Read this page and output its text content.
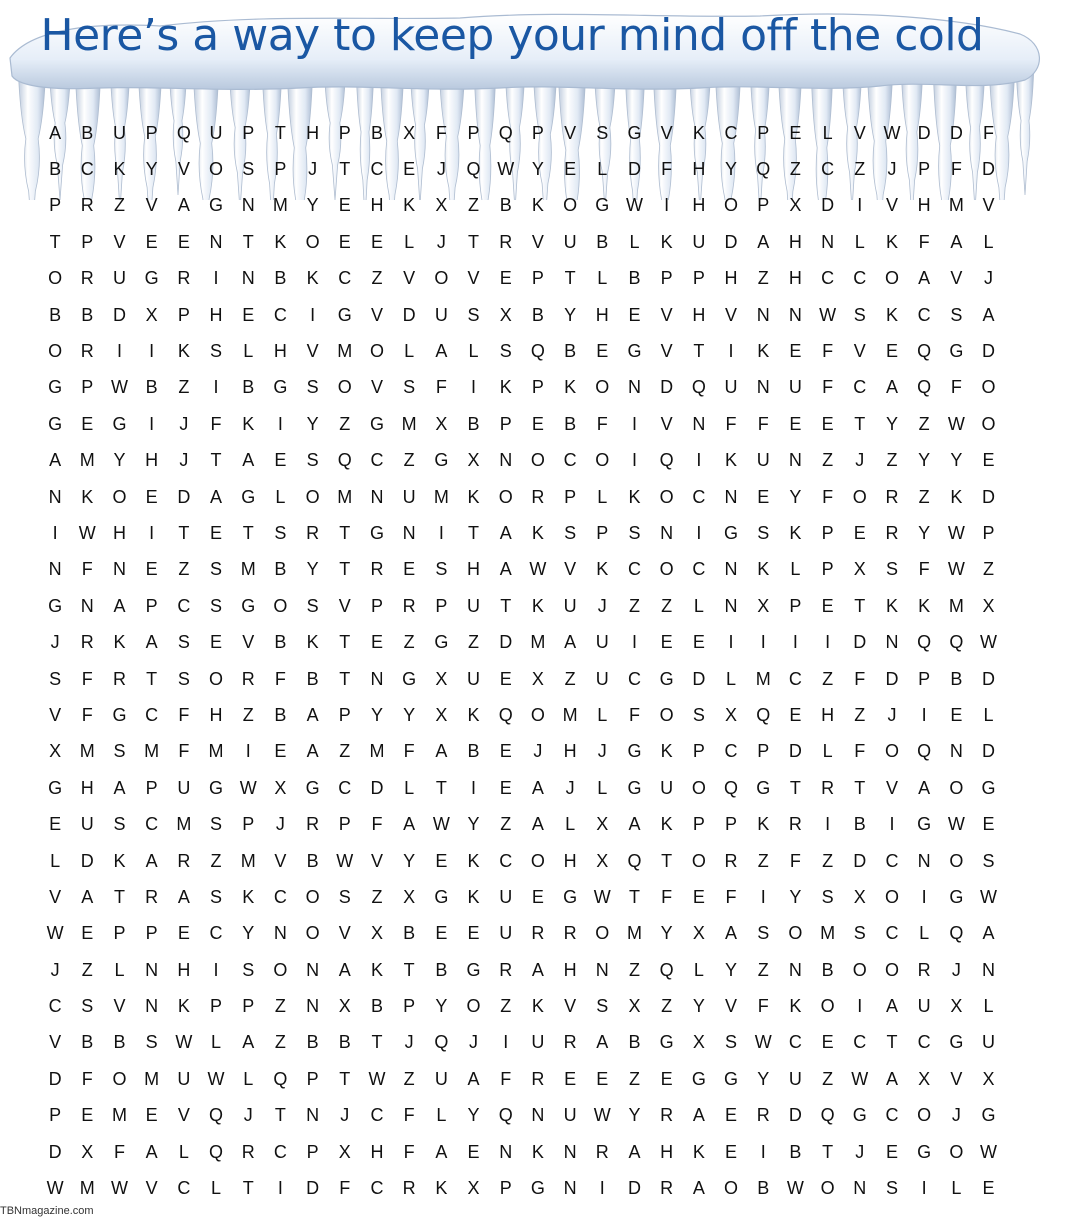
Here’s a way to keep your mind off the cold
A	B	U	P	Q	U	P	T	H	P	B	X	F	P	Q	P	V	S	G	V	K	C	P	E	L	V W D	D	F
B	C	K	Y	V	O	S	P	J	T	C	E	J	Q W Y	E	L	D	F	H	Y	Q	Z	C	Z	J	P	F	D
P	R	Z	V	A	G	N	M	Y	E	H	K	X	Z	B	K	O	G W	I	H	O	P	X	D	I	V	H	M	V
T	P	V	E	E	N	T	K	O	E	E	L	J	T	R	V	U	B	L	K	U	D	A	H	N	L	K	F	A	L
O	R	U	G	R	I	N	B	K	C	Z	V	O	V	E	P	T	L	B	P	P	H	Z	H	C	C	O	A	V	J
B	B	D	X	P	H	E	C	I	G	V	D	U	S	X	B	Y	H	E	V	H	V	N	N W S	K	C	S	A
O	R	I	I	K	S	L	H	V	M O	L	A	L	S	Q	B	E	G	V	T	I	K	E	F	V	E	Q	G	D
G	P W B	Z	I	B	G	S	O	V	S	F	I	K	P	K	O	N	D	Q	U	N	U	F	C	A	Q	F	O
G	E	G	I	J	F	K	I	Y	Z	G M	X	B	P	E	B	F	I	V	N	F	F	E	E	T	Y	Z	W O
A	M	Y	H	J	T	A	E	S	Q	C	Z	G	X	N	O	C	O	I	Q	I	K	U	N	Z	J	Z	Y	Y	E
N	K	O	E	D	A	G	L	O M	N	U	M	K	O	R	P	L	K	O	C	N	E	Y	F	O	R	Z	K	D
I	W H	I	T	E	T	S	R	T	G	N	I	T	A	K	S	P	S	N	I	G	S	K	P	E	R	Y W P
N	F	N	E	Z	S	M	B	Y	T	R	E	S	H	A W V	K	C	O	C	N	K	L	P	X	S	F	W	Z
G	N	A	P	C	S	G	O	S	V	P	R	P	U	T	K	U	J	Z	Z	L	N	X	P	E	T	K	K	M	X
J	R	K	A	S	E	V	B	K	T	E	Z	G	Z	D	M	A	U	I	E	E	I	I	I	I	D	N	Q	Q W
S	F	R	T	S	O	R	F	B	T	N	G	X	U	E	X	Z	U	C	G	D	L	M	C	Z	F	D	P	B	D
V	F	G	C	F	H	Z	B	A	P	Y	Y	X	K	Q	O M	L	F	O	S	X	Q	E	H	Z	J	I	E	L
X	M	S	M	F	M	I	E	A	Z	M	F	A	B	E	J	H	J	G	K	P	C	P	D	L	F	O	Q	N	D
G	H	A	P	U	G W X	G	C	D	L	T	I	E	A	J	L	G	U	O	Q	G	T	R	T	V	A	O	G
E	U	S	C	M	S	P	J	R	P	F	A W Y	Z	A	L	X	A	K	P	P	K	R	I	B	I	G W E
L	D	K	A	R	Z	M	V	B W V	Y	E	K	C	O	H	X	Q	T	O	R	Z	F	Z	D	C	N	O	S
V	A	T	R	A	S	K	C	O	S	Z	X	G	K	U	E	G W	T	F	E	F	I	Y	S	X	O	I	G W
W E	P	P	E	C	Y	N	O	V	X	B	E	E	U	R	R	O M	Y	X	A	S	O M	S	C	L	Q	A
J	Z	L	N	H	I	S	O	N	A	K	T	B	G	R	A	H	N	Z	Q	L	Y	Z	N	B	O	O	R	J	N
C	S	V	N	K	P	P	Z	N	X	B	P	Y	O	Z	K	V	S	X	Z	Y	V	F	K	O	I	A	U	X	L
V	B	B	S W	L	A	Z	B	B	T	J	Q	J	I	U	R	A	B	G	X	S W C	E	C	T	C	G	U
D	F	O M	U W	L	Q	P	T	W	Z	U	A	F	R	E	E	Z	E	G	G	Y	U	Z	W A	X	V	X
P	E	M	E	V	Q	J	T	N	J	C	F	L	Y	Q	N	U W Y	R	A	E	R	D	Q	G	C	O	J	G
D	X	F	A	L	Q	R	C	P	X	H	F	A	E	N	K	N	R	A	H	K	E	I	B	T	J	E	G	O W
W M W V	C	L	T	I	D	F	C	R	K	X	P	G	N	I	D	R	A	O	B W O	N	S	I	L	E
TBNmagazine.com
